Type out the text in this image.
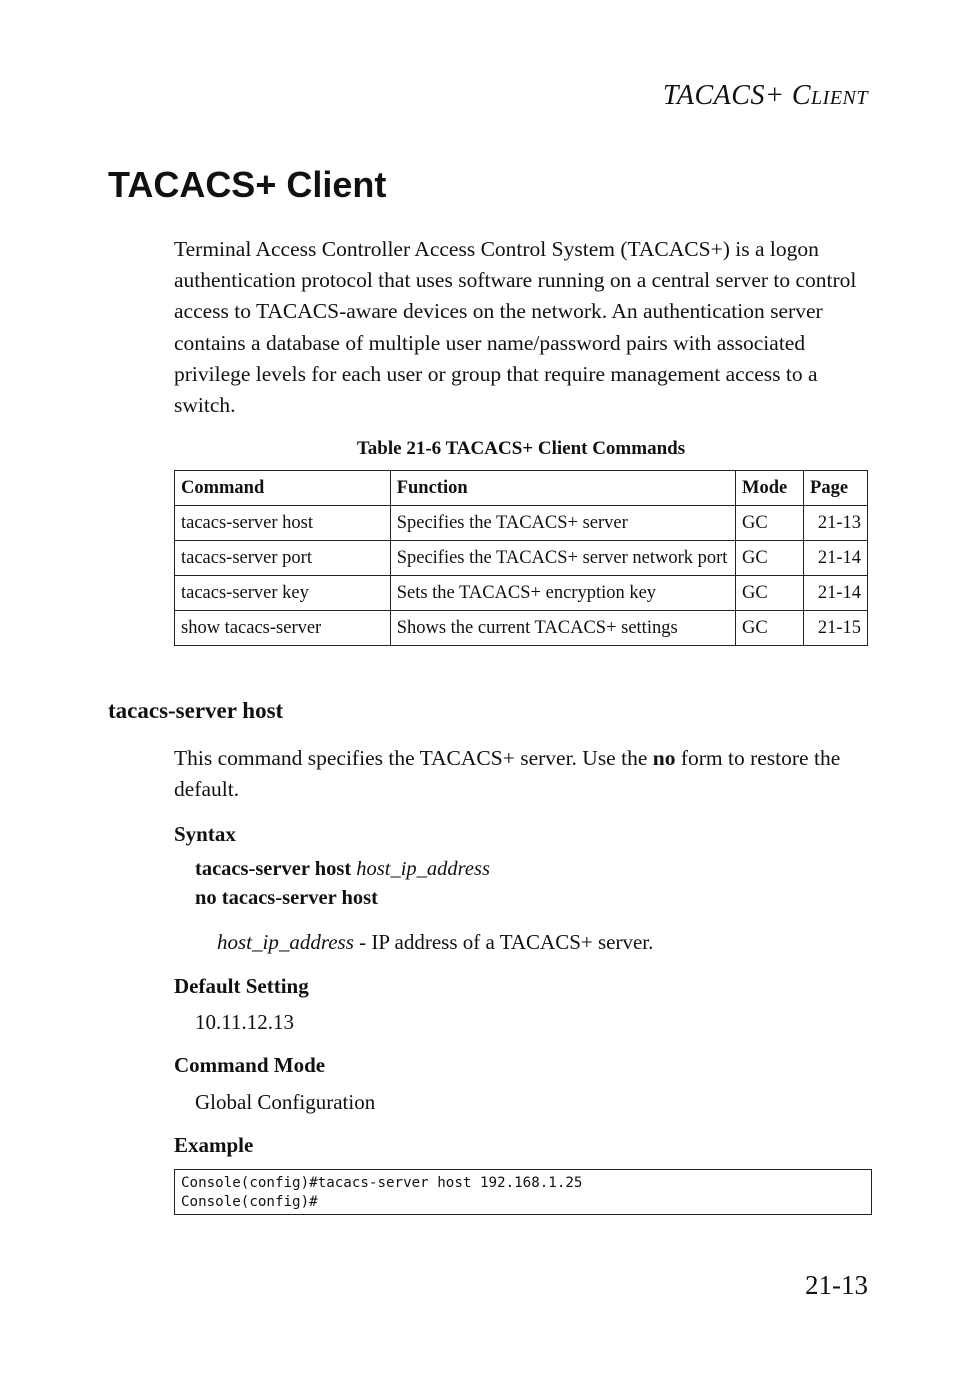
TACACS+ CLIENT
TACACS+ Client

Terminal Access Controller Access Control System (TACACS+) is a logon authentication protocol that uses software running on a central server to control access to TACACS-aware devices on the network. An authentication server contains a database of multiple user name/password pairs with associated privilege levels for each user or group that require management access to a switch.

Table 21-6 TACACS+ Client Commands
Command	Function	Mode	Page
tacacs-server host	Specifies the TACACS+ server	GC	21-13
tacacs-server port	Specifies the TACACS+ server network port	GC	21-14
tacacs-server key	Sets the TACACS+ encryption key	GC	21-14
show tacacs-server	Shows the current TACACS+ settings	GC	21-15
tacacs-server host

This command specifies the TACACS+ server. Use the no form to restore the default.

Syntax

tacacs-server host host_ip_address

no tacacs-server host

host_ip_address - IP address of a TACACS+ server.

Default Setting

10.11.12.13

Command Mode

Global Configuration

Example
Console(config)#tacacs-server host 192.168.1.25
Console(config)#

21-13
